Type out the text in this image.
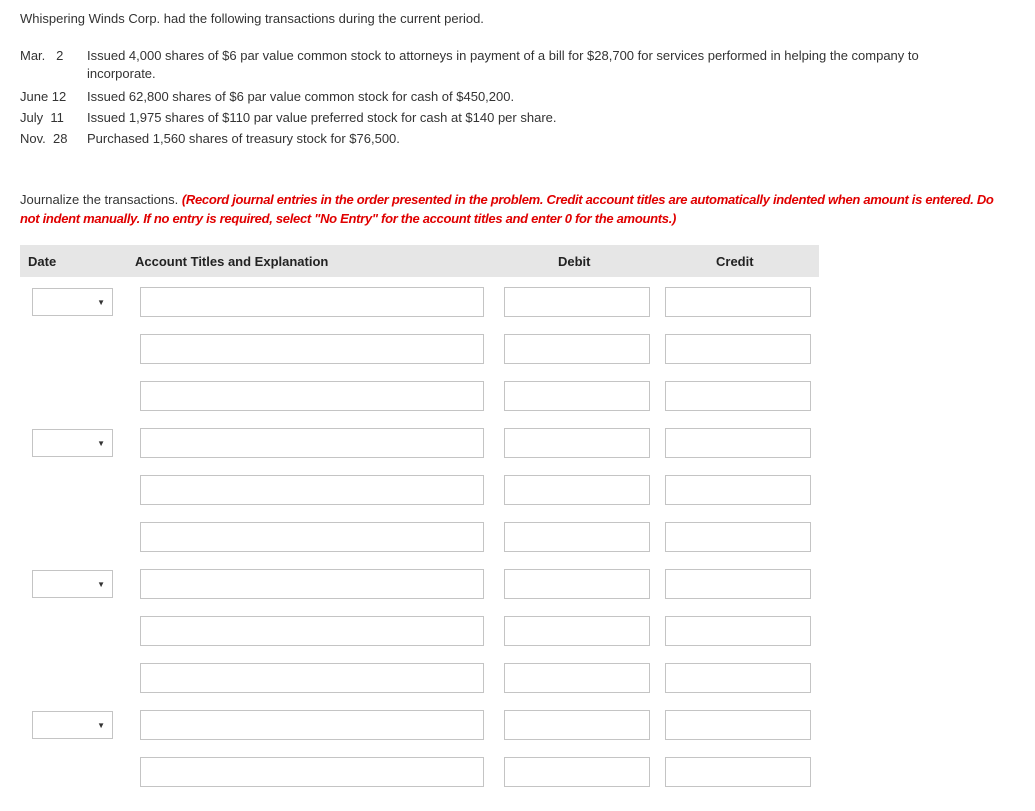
Whispering Winds Corp. had the following transactions during the current period.
Mar.   2	Issued 4,000 shares of $6 par value common stock to attorneys in payment of a bill for $28,700 for services performed in helping the company to incorporate.
June 12	Issued 62,800 shares of $6 par value common stock for cash of $450,200.
July  11	Issued 1,975 shares of $110 par value preferred stock for cash at $140 per share.
Nov.  28	Purchased 1,560 shares of treasury stock for $76,500.
Journalize the transactions. (Record journal entries in the order presented in the problem. Credit account titles are automatically indented when amount is entered. Do not indent manually. If no entry is required, select "No Entry" for the account titles and enter 0 for the amounts.)
Date	Account Titles and Explanation	Debit	Credit
▼
▼
▼
▼
